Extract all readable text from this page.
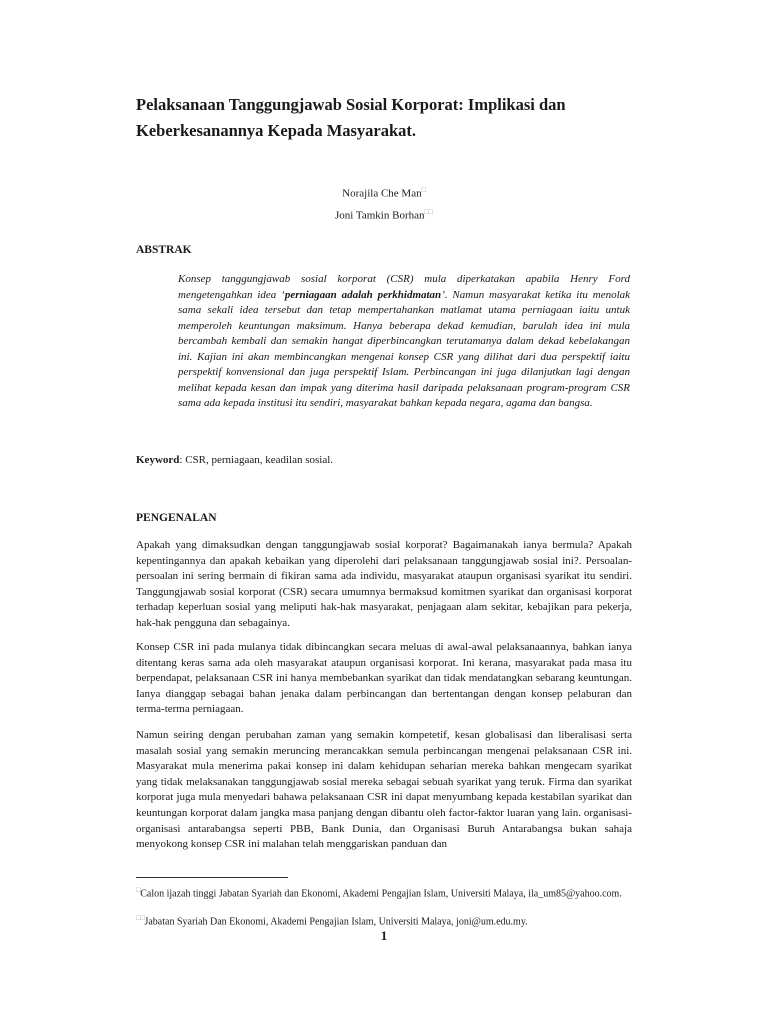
Pelaksanaan Tanggungjawab Sosial Korporat: Implikasi dan
Keberkesanannya Kepada Masyarakat.
Norajila Che Man□
Joni Tamkin Borhan□□
ABSTRAK

Konsep tanggungjawab sosial korporat (CSR) mula diperkatakan apabila Henry Ford mengetengahkan idea ‘perniagaan adalah perkhidmatan’. Namun masyarakat ketika itu menolak sama sekali idea tersebut dan tetap mempertahankan matlamat utama perniagaan iaitu untuk memperoleh keuntungan maksimum. Hanya beberapa dekad kemudian, barulah idea ini mula bercambah kembali dan semakin hangat diperbincangkan terutamanya dalam dekad kebelakangan ini. Kajian ini akan membincangkan mengenai konsep CSR yang dilihat dari dua perspektif iaitu perspektif konvensional dan juga perspektif Islam. Perbincangan ini juga dilanjutkan lagi dengan melihat kepada kesan dan impak yang diterima hasil daripada pelaksanaan program-program CSR sama ada kepada institusi itu sendiri, masyarakat bahkan kepada negara, agama dan bangsa.

Keyword: CSR, perniagaan, keadilan sosial.

PENGENALAN

Apakah yang dimaksudkan dengan tanggungjawab sosial korporat? Bagaimanakah ianya bermula? Apakah kepentingannya dan apakah kebaikan yang diperolehi dari pelaksanaan tanggungjawab sosial ini?. Persoalan-persoalan ini sering bermain di fikiran sama ada individu, masyarakat ataupun organisasi syarikat itu sendiri. Tanggungjawab sosial korporat (CSR) secara umumnya bermaksud komitmen syarikat dan organisasi korporat terhadap keperluan sosial yang meliputi hak-hak masyarakat, penjagaan alam sekitar, kebajikan para pekerja, hak-hak pengguna dan sebagainya.

Konsep CSR ini pada mulanya tidak dibincangkan secara meluas di awal-awal pelaksanaannya, bahkan ianya ditentang keras sama ada oleh masyarakat ataupun organisasi korporat. Ini kerana, masyarakat pada masa itu berpendapat, pelaksanaan CSR ini hanya membebankan syarikat dan tidak mendatangkan sebarang keuntungan. Ianya dianggap sebagai bahan jenaka dalam perbincangan dan bertentangan dengan konsep pelaburan dan terma-terma perniagaan.

Namun seiring dengan perubahan zaman yang semakin kompetetif, kesan globalisasi dan liberalisasi serta masalah sosial yang semakin meruncing merancakkan semula perbincangan mengenai pelaksanaan CSR ini. Masyarakat mula menerima pakai konsep ini dalam kehidupan seharian mereka bahkan mengecam syarikat yang tidak melaksanakan tanggungjawab sosial mereka sebagai sebuah syarikat yang teruk. Firma dan syarikat korporat juga mula menyedari bahawa pelaksanaan CSR ini dapat menyumbang kepada kestabilan syarikat dan keuntungan korporat dalam jangka masa panjang dengan dibantu oleh factor-faktor luaran yang lain. organisasi-organisasi antarabangsa seperti PBB, Bank Dunia, dan Organisasi Buruh Antarabangsa bukan sahaja menyokong konsep CSR ini malahan telah menggariskan panduan dan

□Calon ijazah tinggi Jabatan Syariah dan Ekonomi, Akademi Pengajian Islam, Universiti Malaya, ila_um85@yahoo.com.

□□Jabatan Syariah Dan Ekonomi, Akademi Pengajian Islam, Universiti Malaya, joni@um.edu.my.

1
